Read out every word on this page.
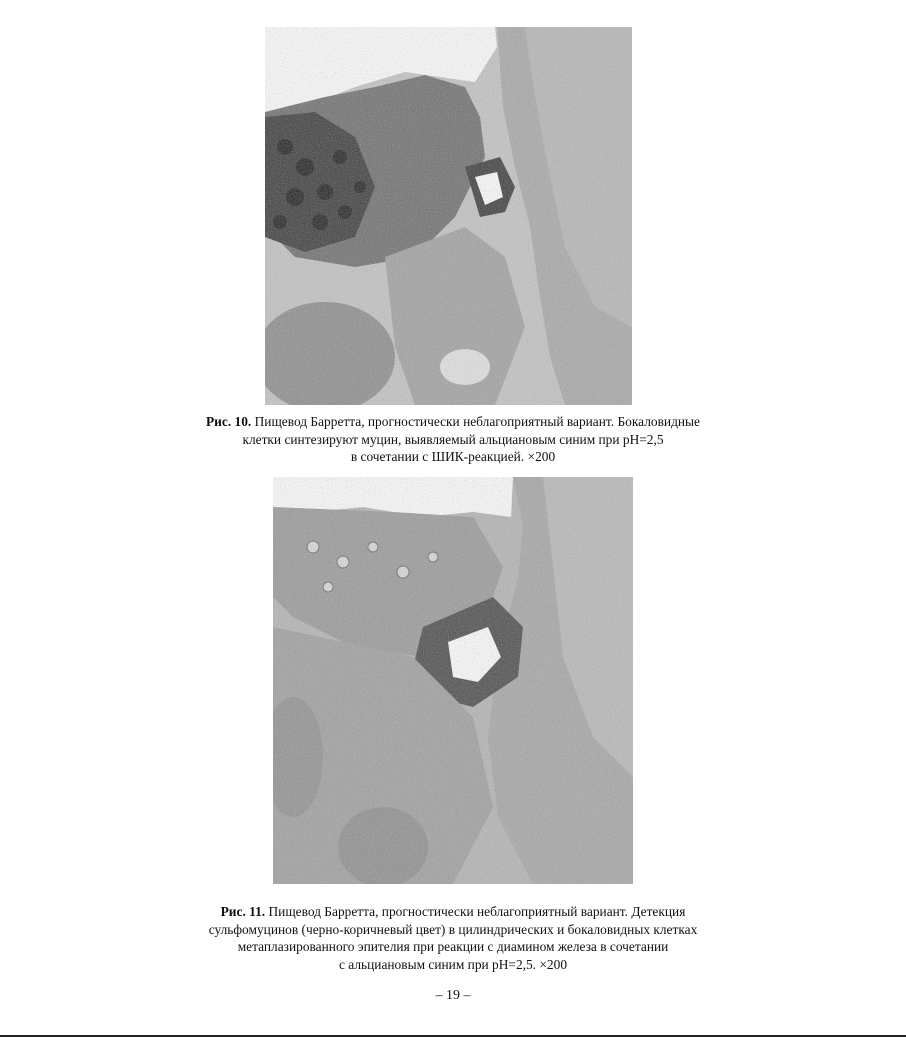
Рис. 10. Пищевод Барретта, прогностически неблагоприятный вариант. Бокаловидные
клетки синтезируют муцин, выявляемый альциановым синим при pH=2,5
в сочетании с ШИК-реакцией. ×200
Рис. 11. Пищевод Барретта, прогностически неблагоприятный вариант. Детекция
сульфомуцинов (черно-коричневый цвет) в цилиндрических и бокаловидных клетках
метаплазированного эпителия при реакции с диамином железа в сочетании
с альциановым синим при pH=2,5. ×200
– 19 –
